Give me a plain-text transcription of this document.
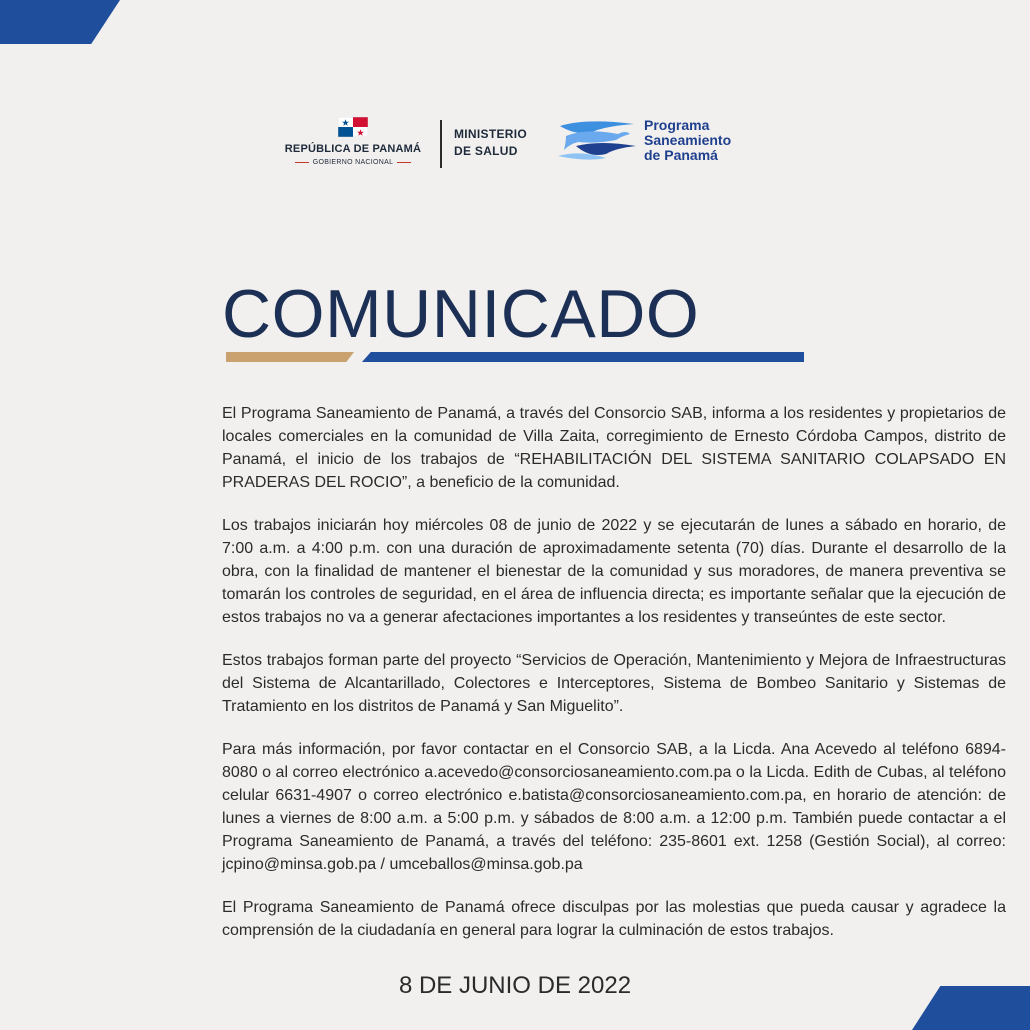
REPÚBLICA DE PANAMÁ
GOBIERNO NACIONAL
MINISTERIO
DE SALUD
Programa
Saneamiento
de Panamá
COMUNICADO

El Programa Saneamiento de Panamá, a través del Consorcio SAB, informa a los residentes y propietarios de locales comerciales en la comunidad de Villa Zaita, corregimiento de Ernesto Córdoba Campos, distrito de Panamá, el inicio de los trabajos de “REHABILITACIÓN DEL SISTEMA SANITARIO COLAPSADO EN PRADERAS DEL ROCIO”, a beneficio de la comunidad.

Los trabajos iniciarán hoy miércoles 08 de junio de 2022 y se ejecutarán de lunes a sábado en horario, de 7:00 a.m. a 4:00 p.m. con una duración de aproximadamente setenta (70) días. Durante el desarrollo de la obra, con la finalidad de mantener el bienestar de la comunidad y sus moradores, de manera preventiva se tomarán los controles de seguridad, en el área de influencia directa; es importante señalar que la ejecución de estos trabajos no va a generar afectaciones importantes a los residentes y transeúntes de este sector.

Estos trabajos forman parte del proyecto “Servicios de Operación, Mantenimiento y Mejora de Infraestructuras del Sistema de Alcantarillado, Colectores e Interceptores, Sistema de Bombeo Sanitario y Sistemas de Tratamiento en los distritos de Panamá y San Miguelito”.

Para más información, por favor contactar en el Consorcio SAB, a la Licda. Ana Acevedo al teléfono 6894-8080 o al correo electrónico a.acevedo@consorciosaneamiento.com.pa o la Licda. Edith de Cubas, al teléfono celular 6631-4907 o correo electrónico e.batista@consorciosaneamiento.com.pa, en horario de atención: de lunes a viernes de 8:00 a.m. a 5:00 p.m. y sábados de 8:00 a.m. a 12:00 p.m. También puede contactar a el Programa Saneamiento de Panamá, a través del teléfono: 235-8601 ext. 1258 (Gestión Social), al correo: jcpino@minsa.gob.pa / umceballos@minsa.gob.pa

El Programa Saneamiento de Panamá ofrece disculpas por las molestias que pueda causar y agradece la comprensión de la ciudadanía en general para lograr la culminación de estos trabajos.

8 DE JUNIO DE 2022
